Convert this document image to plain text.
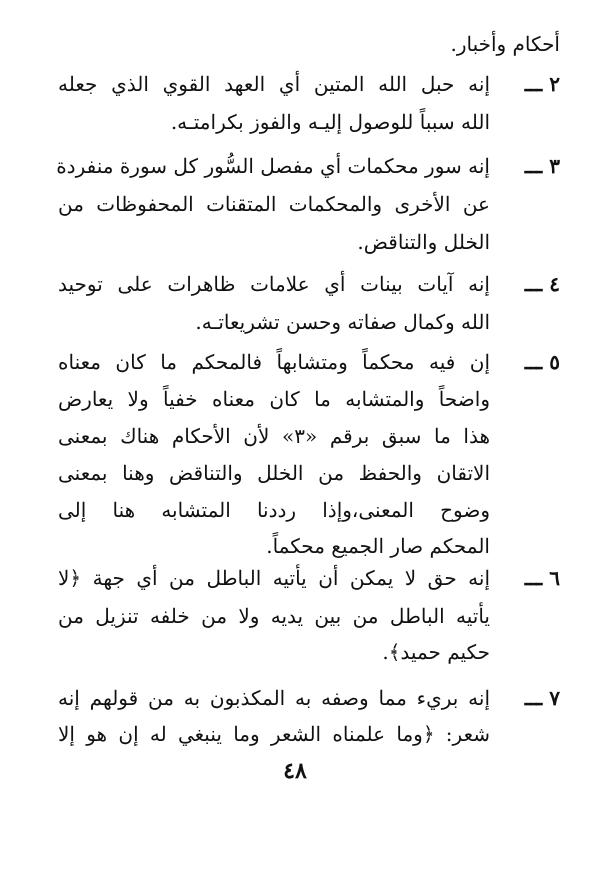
أحكام وأخبار.
٢ ـــ
إنه حبل الله المتين أي العهد القوي الذي جعله
الله سبباً للوصول إليـه والفوز بكرامتـه.
٣ ـــ
إنه سور محكمات أي مفصل السُّور كل سورة منفردة
عن الأخرى والمحكمات المتقنات المحفوظات من
الخلل والتناقض.
٤ ـــ
إنه آيات بينات أي علامات ظاهرات على توحيد
الله وكمال صفاته وحسن تشريعاتـه.
٥ ـــ
إن فيه محكماً ومتشابهاً فالمحكم ما كان معناه
واضحاً والمتشابه ما كان معناه خفياً ولا يعارض
هذا ما سبق برقم «٣» لأن الأحكام هناك بمعنى
الاتقان والحفظ من الخلل والتناقض وهنا بمعنى
وضوح المعنى،وإذا رددنا المتشابه هنا إلى
المحكم صار الجميع محكماً.
٦ ـــ
إنه حق لا يمكن أن يأتيه الباطل من أي جهة ﴿لا
يأتيه الباطل من بين يديه ولا من خلفه تنزيل من
حكيم حميد﴾.
٧ ـــ
إنه بريء مما وصفه به المكذبون به من قولهم إنه
شعر: ﴿وما علمناه الشعر وما ينبغي له إن هو إلا
٤٨
